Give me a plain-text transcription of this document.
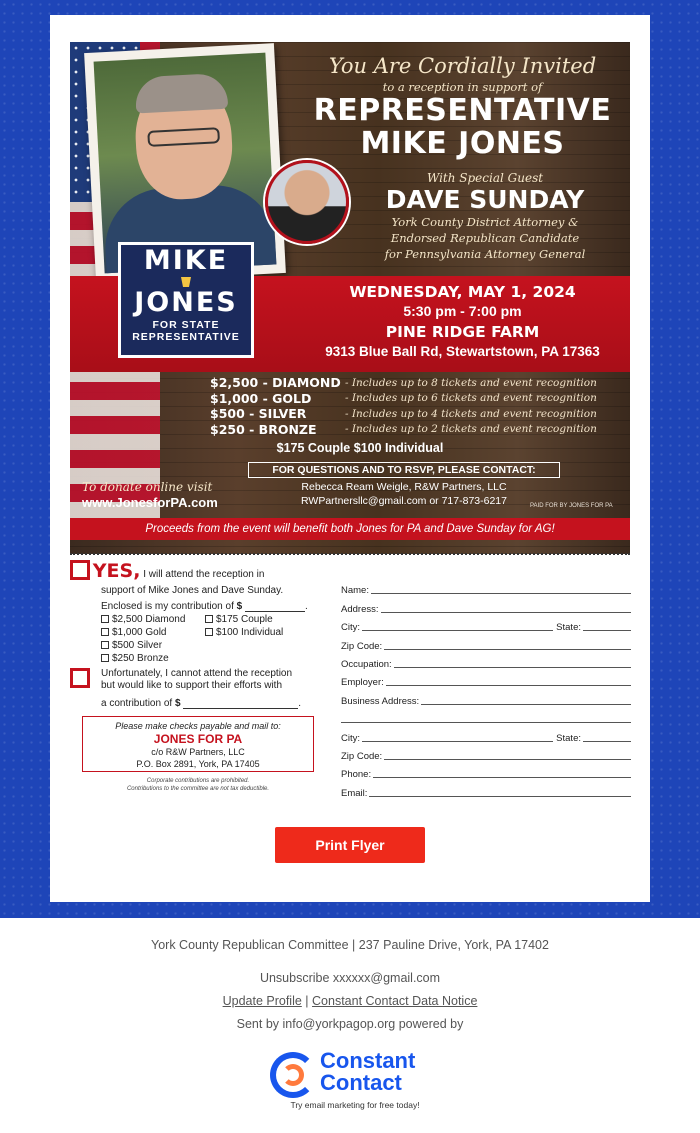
MIKE
JONES
FOR STATE
REPRESENTATIVE
You Are Cordially Invited
to a reception in support of
REPRESENTATIVE
MIKE JONES
With Special Guest
DAVE SUNDAY
York County District Attorney &
Endorsed Republican Candidate
for Pennsylvania Attorney General
WEDNESDAY, MAY 1, 2024
5:30 pm - 7:00 pm
PINE RIDGE FARM
9313 Blue Ball Rd, Stewartstown, PA 17363
$2,500 - DIAMOND - Includes up to 8 tickets and event recognition
$1,000 - GOLD	- Includes up to 6 tickets and event recognition
$500 - SILVER	- Includes up to 4 tickets and event recognition
$250 - BRONZE	- Includes up to 2 tickets and event recognition
$175 Couple $100 Individual
FOR QUESTIONS AND TO RSVP, PLEASE CONTACT:
Rebecca Ream Weigle, R&W Partners, LLC
RWPartnersllc@gmail.com or 717-873-6217	PAID FOR BY JONES FOR PA
To donate online visit
www.JonesforPA.com
Proceeds from the event will benefit both Jones for PA and Dave Sunday for AG!
YES, I will attend the reception in
support of Mike Jones and Dave Sunday.
Enclosed is my contribution of $	.
$2,500 Diamond	$175 Couple
$1,000 Gold	$100 Individual
$500 Silver
$250 Bronze
Unfortunately, I cannot attend the reception
but would like to support their efforts with
a contribution of $	.
Please make checks payable and mail to:
JONES FOR PA
c/o R&W Partners, LLC
P.O. Box 2891, York, PA 17405
Corporate contributions are prohibited.
Contributions to the committee are not tax deductible.
Name:
Address:
City:	State:
Zip Code:
Occupation:
Employer:
Business Address:
City:	State:
Zip Code:
Phone:
Email:
Print Flyer
York County Republican Committee | 237 Pauline Drive, York, PA 17402
Unsubscribe xxxxxx@gmail.com
Update Profile | Constant Contact Data Notice
Sent by info@yorkpagop.org powered by
Constant
Contact
Try email marketing for free today!
